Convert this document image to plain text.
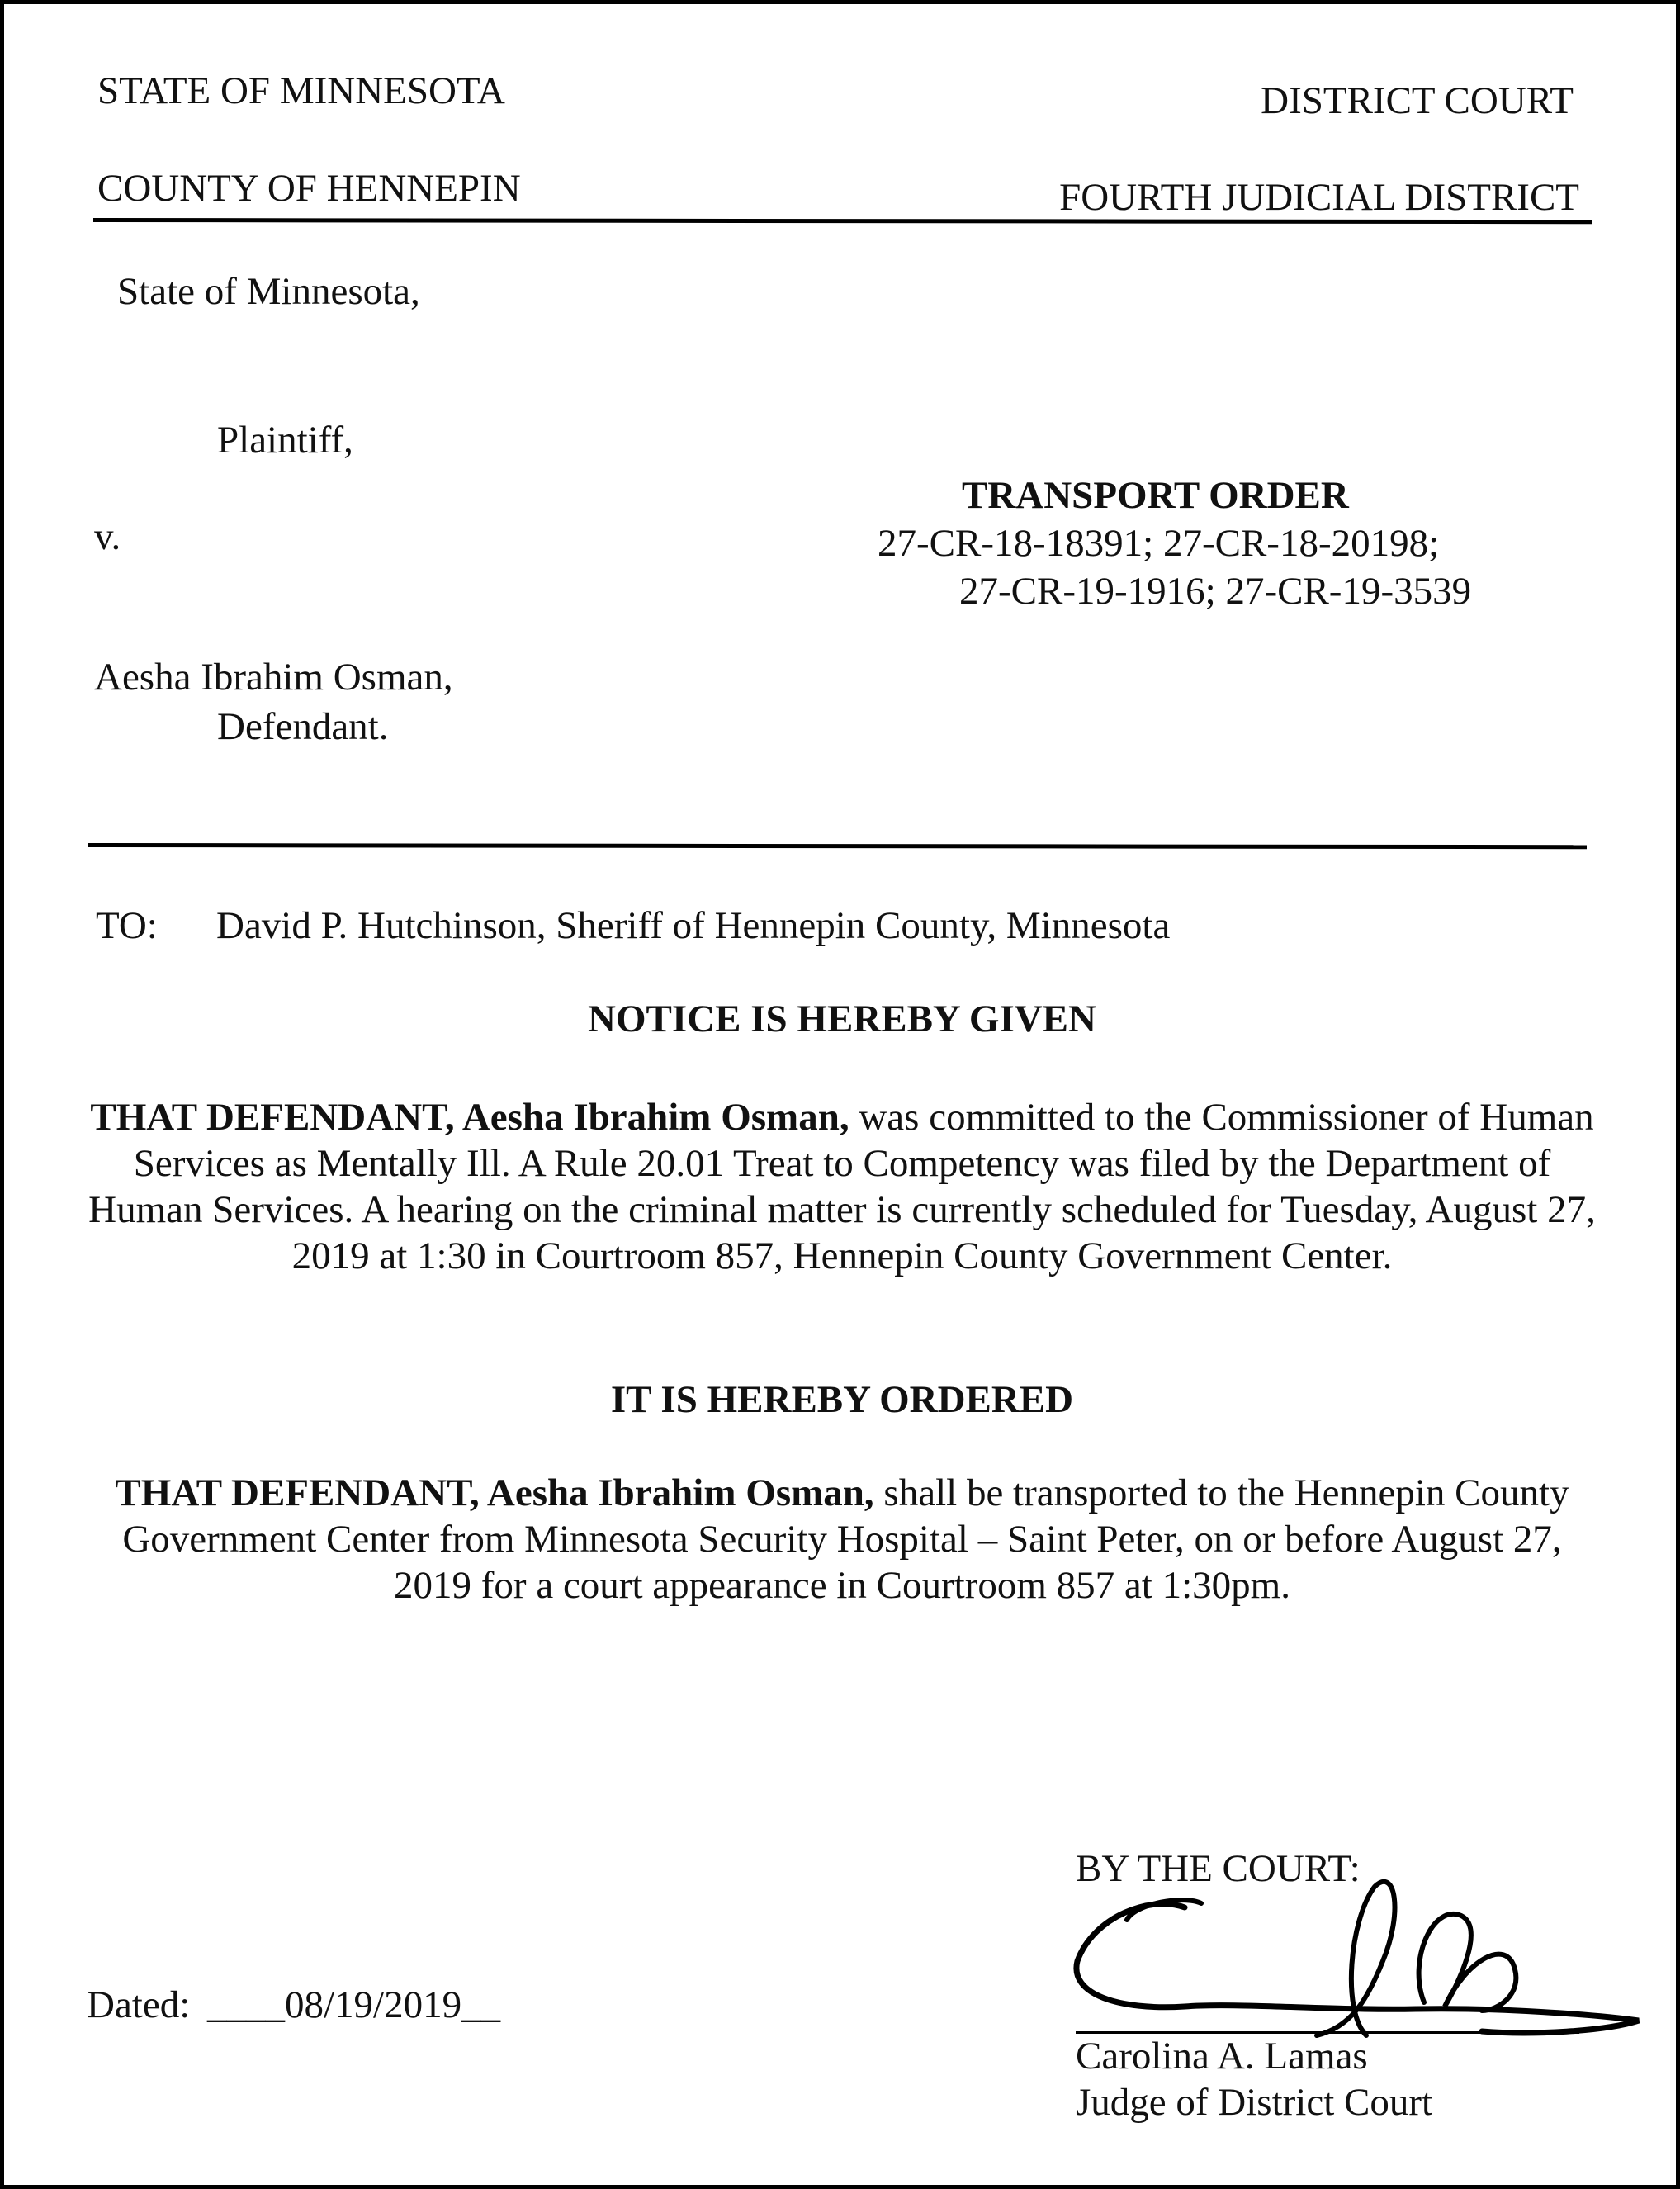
STATE OF MINNESOTA	DISTRICT COURT
COUNTY OF HENNEPIN	FOURTH JUDICIAL DISTRICT
State of Minnesota,
Plaintiff,
v.
Aesha Ibrahim Osman,
Defendant.
TRANSPORT ORDER
27-CR-18-18391; 27-CR-18-20198;
27-CR-19-1916; 27-CR-19-3539
TO: David P. Hutchinson, Sheriff of Hennepin County, Minnesota
NOTICE IS HEREBY GIVEN
THAT DEFENDANT, Aesha Ibrahim Osman, was committed to the Commissioner of Human Services as Mentally Ill. A Rule 20.01 Treat to Competency was filed by the Department of Human Services. A hearing on the criminal matter is currently scheduled for Tuesday, August 27, 2019 at 1:30 in Courtroom 857, Hennepin County Government Center.
IT IS HEREBY ORDERED
THAT DEFENDANT, Aesha Ibrahim Osman, shall be transported to the Hennepin County Government Center from Minnesota Security Hospital – Saint Peter, on or before August 27, 2019 for a court appearance in Courtroom 857 at 1:30pm.
BY THE COURT:
Carolina A. Lamas
Judge of District Court
Dated: ____08/19/2019__
